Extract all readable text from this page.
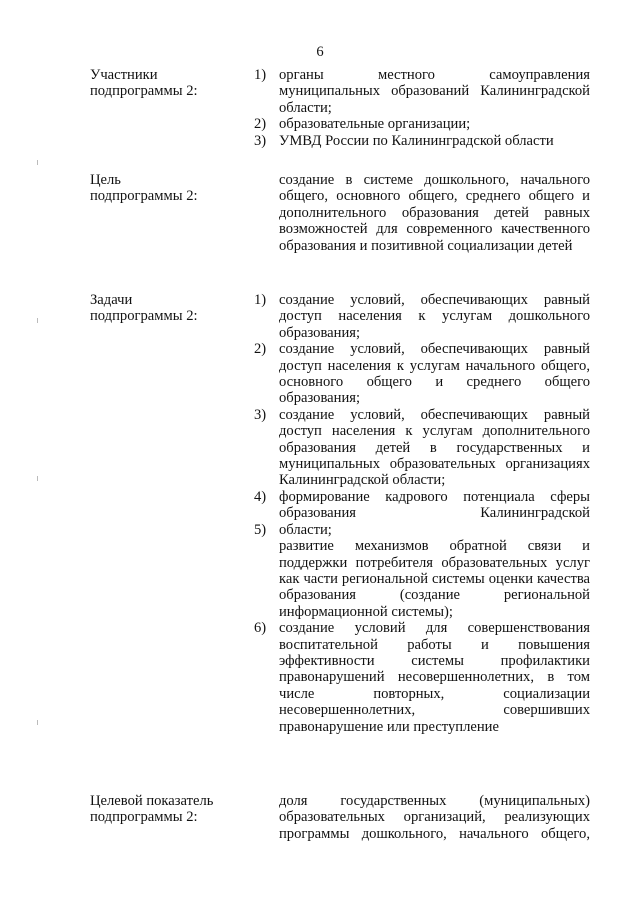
6
Участники
подпрограммы 2:
1) органы местного самоуправления муниципальных образований Калининградской области;
2) образовательные организации;
3) УМВД России по Калининградской области
Цель
подпрограммы 2:
создание в системе дошкольного, начального общего, основного общего, среднего общего и дополнительного образования детей равных возможностей для современного качественного образования и позитивной социализации детей
Задачи
подпрограммы 2:
1) создание условий, обеспечивающих равный доступ населения к услугам дошкольного образования;
2) создание условий, обеспечивающих равный доступ населения к услугам начального общего, основного общего и среднего общего образования;
3) создание условий, обеспечивающих равный доступ населения к услугам дополнительного образования детей в государственных и муниципальных образовательных организациях Калининградской области;
4) формирование кадрового потенциала сферы образования Калининградской
5) области;
развитие механизмов обратной связи и поддержки потребителя образовательных услуг как части региональной системы оценки качества образования (создание региональной информационной системы);
6) создание условий для совершенствования воспитательной работы и повышения эффективности системы профилактики правонарушений несовершеннолетних, в том числе повторных, социализации несовершеннолетних, совершивших правонарушение или преступление
Целевой показатель
подпрограммы 2:
доля государственных (муниципальных) образовательных организаций, реализующих программы дошкольного, начального общего,
